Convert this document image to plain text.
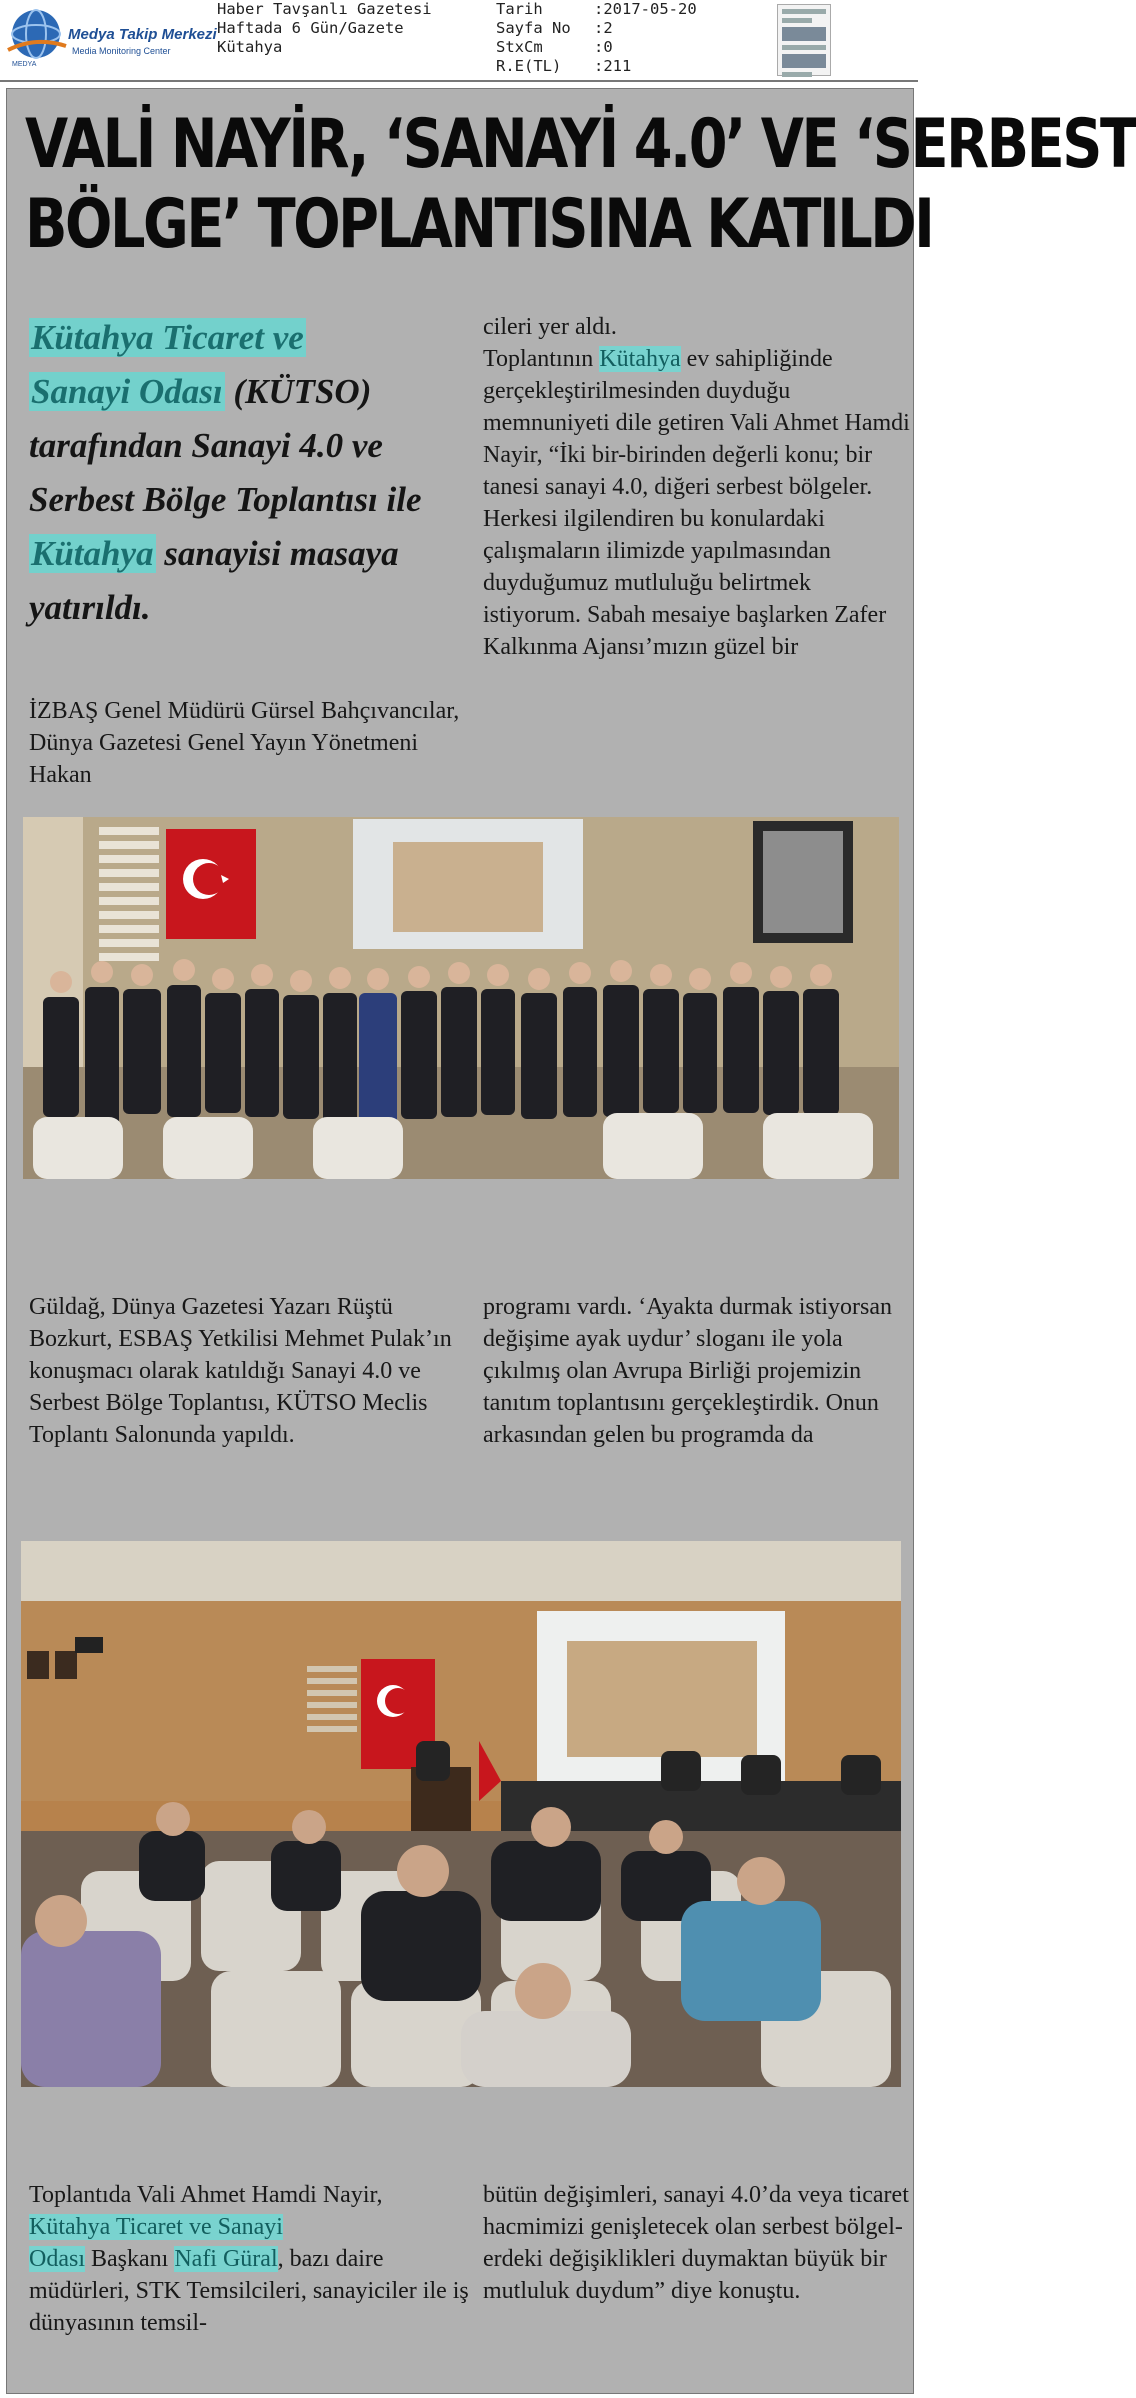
MEDYA
Medya Takip Merkezi
Media Monitoring Center
Haber Tavşanlı Gazetesi
Haftada 6 Gün/Gazete
Kütahya
Tarih	:2017-05-20
Sayfa No	:2
StxCm	:0
R.E(TL)	:211
VALİ NAYİR, ‘SANAYİ 4.0’ VE ‘SERBEST
BÖLGE’ TOPLANTISINA KATILDI
Kütahya Ticaret ve
Sanayi Odası (KÜTSO) tarafından Sanayi 4.0 ve Serbest Bölge Toplantısı ile Kütahya sanayisi masaya yatırıldı.
İZBAŞ Genel Müdürü Gürsel Bahçıvancılar, Dünya Gazetesi Genel Yayın Yönetmeni Hakan
cileri yer aldı.
Toplantının Kütahya ev sahipliğinde gerçekleştirilmesinden duyduğu memnuniyeti dile getiren Vali Ahmet Hamdi Nayir, “İki bir-birinden değerli konu; bir tanesi sanayi 4.0, diğeri serbest bölgeler. Herkesi ilgilendiren bu konulardaki çalışmaların ilimizde yapılmasından duyduğumuz mutluluğu belirtmek istiyorum. Sabah mesaiye başlarken Zafer Kalkınma Ajansı’mızın güzel bir
Güldağ, Dünya Gazetesi Yazarı Rüştü Bozkurt, ESBAŞ Yetkilisi Mehmet Pulak’ın konuşmacı olarak katıldığı Sanayi 4.0 ve Serbest Bölge Toplantısı, KÜTSO Meclis Toplantı Salonunda yapıldı.
programı vardı. ‘Ayakta durmak istiyorsan değişime ayak uydur’ sloganı ile yola çıkılmış olan Avrupa Birliği projemizin tanıtım toplantısını gerçekleştirdik. Onun arkasından gelen bu programda da
Toplantıda Vali Ahmet Hamdi Nayir, Kütahya Ticaret ve Sanayi
Odası Başkanı Nafi Güral, bazı daire müdürleri, STK Temsilcileri, sanayiciler ile iş dünyasının temsil-
bütün değişimleri, sanayi 4.0’da veya ticaret hacmimizi genişletecek olan serbest bölgel-erdeki değişiklikleri duymaktan büyük bir mutluluk duydum” diye konuştu.
